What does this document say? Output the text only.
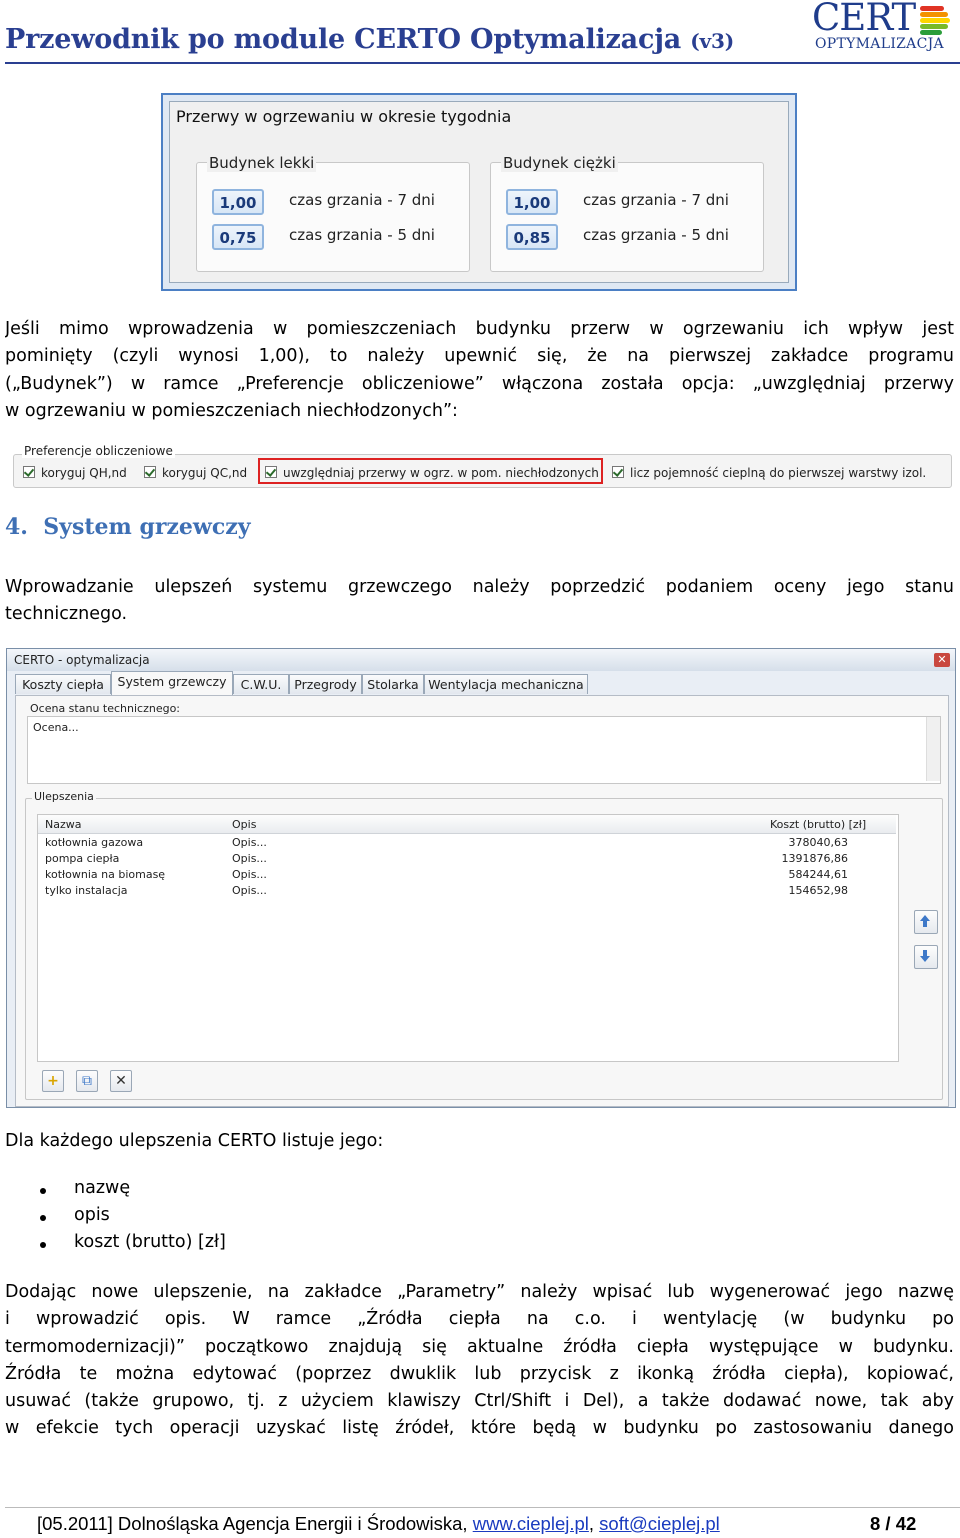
Przewodnik po module CERTO Optymalizacja (v3)
CERT
OPTYMALIZACJA
Przerwy w ogrzewaniu w okresie tygodnia
Budynek lekki
1,00	czas grzania - 7 dni
0,75	czas grzania - 5 dni
Budynek ciężki
1,00	czas grzania - 7 dni
0,85	czas grzania - 5 dni
Jeśli mimo wprowadzenia w pomieszczeniach budynku przerw w ogrzewaniu ich wpływ jest
pominięty (czyli wynosi 1,00), to należy upewnić się, że na pierwszej zakładce programu
(„Budynek”) w ramce „Preferencje obliczeniowe” włączona została opcja: „uwzględniaj przerwy
w ogrzewaniu w pomieszczeniach niechłodzonych”:
Preferencje obliczeniowe
koryguj QH,nd	koryguj QC,nd	uwzględniaj przerwy w ogrz. w pom. niechłodzonych	licz pojemność cieplną do pierwszej warstwy izol.
4. System grzewczy
Wprowadzanie ulepszeń systemu grzewczego należy poprzedzić podaniem oceny jego stanu
technicznego.
CERTO - optymalizacja	✕
Koszty ciepła	System grzewczy	C.W.U.	Przegrody Stolarka Wentylacja mechaniczna
Ocena stanu technicznego:
Ocena...
Ulepszenia
Nazwa	Opis	Koszt (brutto) [zł]
kotłownia gazowa	Opis...	378040,63
pompa ciepła	Opis...	1391876,86
kotłownia na biomasę	Opis...	584244,61
tylko instalacja	Opis...	154652,98
+	⧉	✕
Dla każdego ulepszenia CERTO listuje jego:
nazwę
opis
koszt (brutto) [zł]
Dodając nowe ulepszenie, na zakładce „Parametry” należy wpisać lub wygenerować jego nazwę
i wprowadzić opis. W ramce „Źródła ciepła na c.o. i wentylację (w budynku po
termomodernizacji)” początkowo znajdują się aktualne źródła ciepła występujące w budynku.
Źródła te można edytować (poprzez dwuklik lub przycisk z ikonką źródła ciepła), kopiować,
usuwać (także grupowo, tj. z użyciem klawiszy Ctrl/Shift i Del), a także dodawać nowe, tak aby
w efekcie tych operacji uzyskać listę źródeł, które będą w budynku po zastosowaniu danego
[05.2011] Dolnośląska Agencja Energii i Środowiska, www.cieplej.pl, soft@cieplej.pl	8 / 42
